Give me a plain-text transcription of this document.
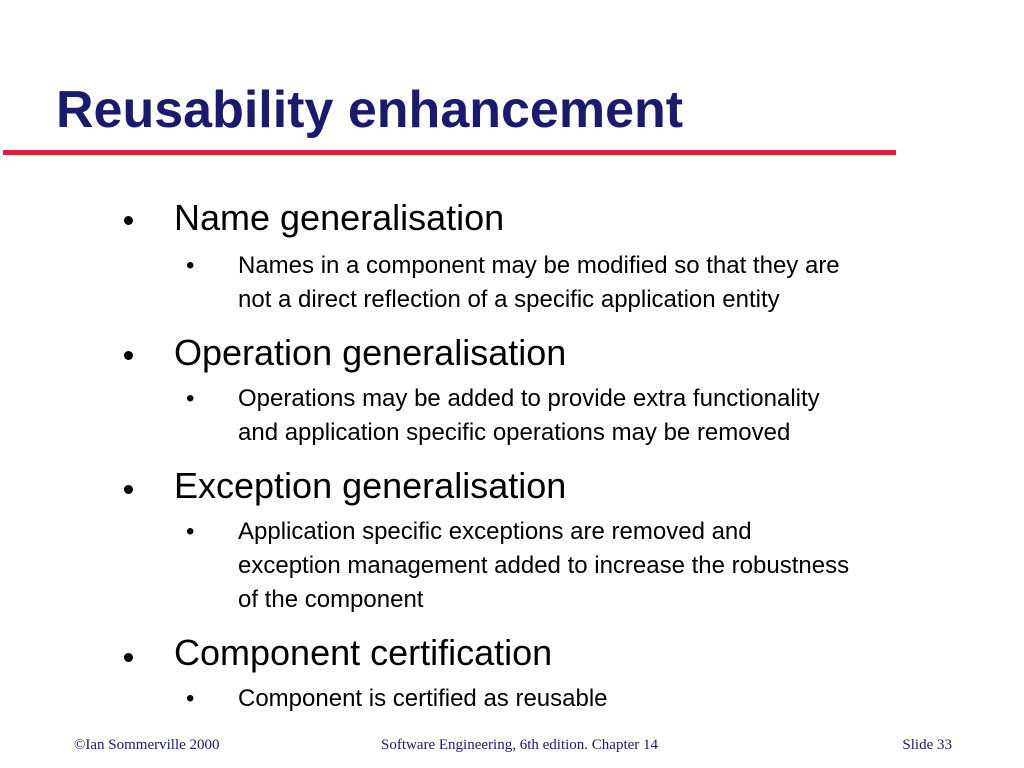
Reusability enhancement
Name generalisation
• Names in a component may be modified so that they are
not a direct reflection of a specific application entity
Operation generalisation
• Operations may be added to provide extra functionality
and application specific operations may be removed
Exception generalisation
• Application specific exceptions are removed and
exception management added to increase the robustness
of the component
Component certification
• Component is certified as reusable
©Ian Sommerville 2000	Software Engineering, 6th edition. Chapter 14	Slide 33
